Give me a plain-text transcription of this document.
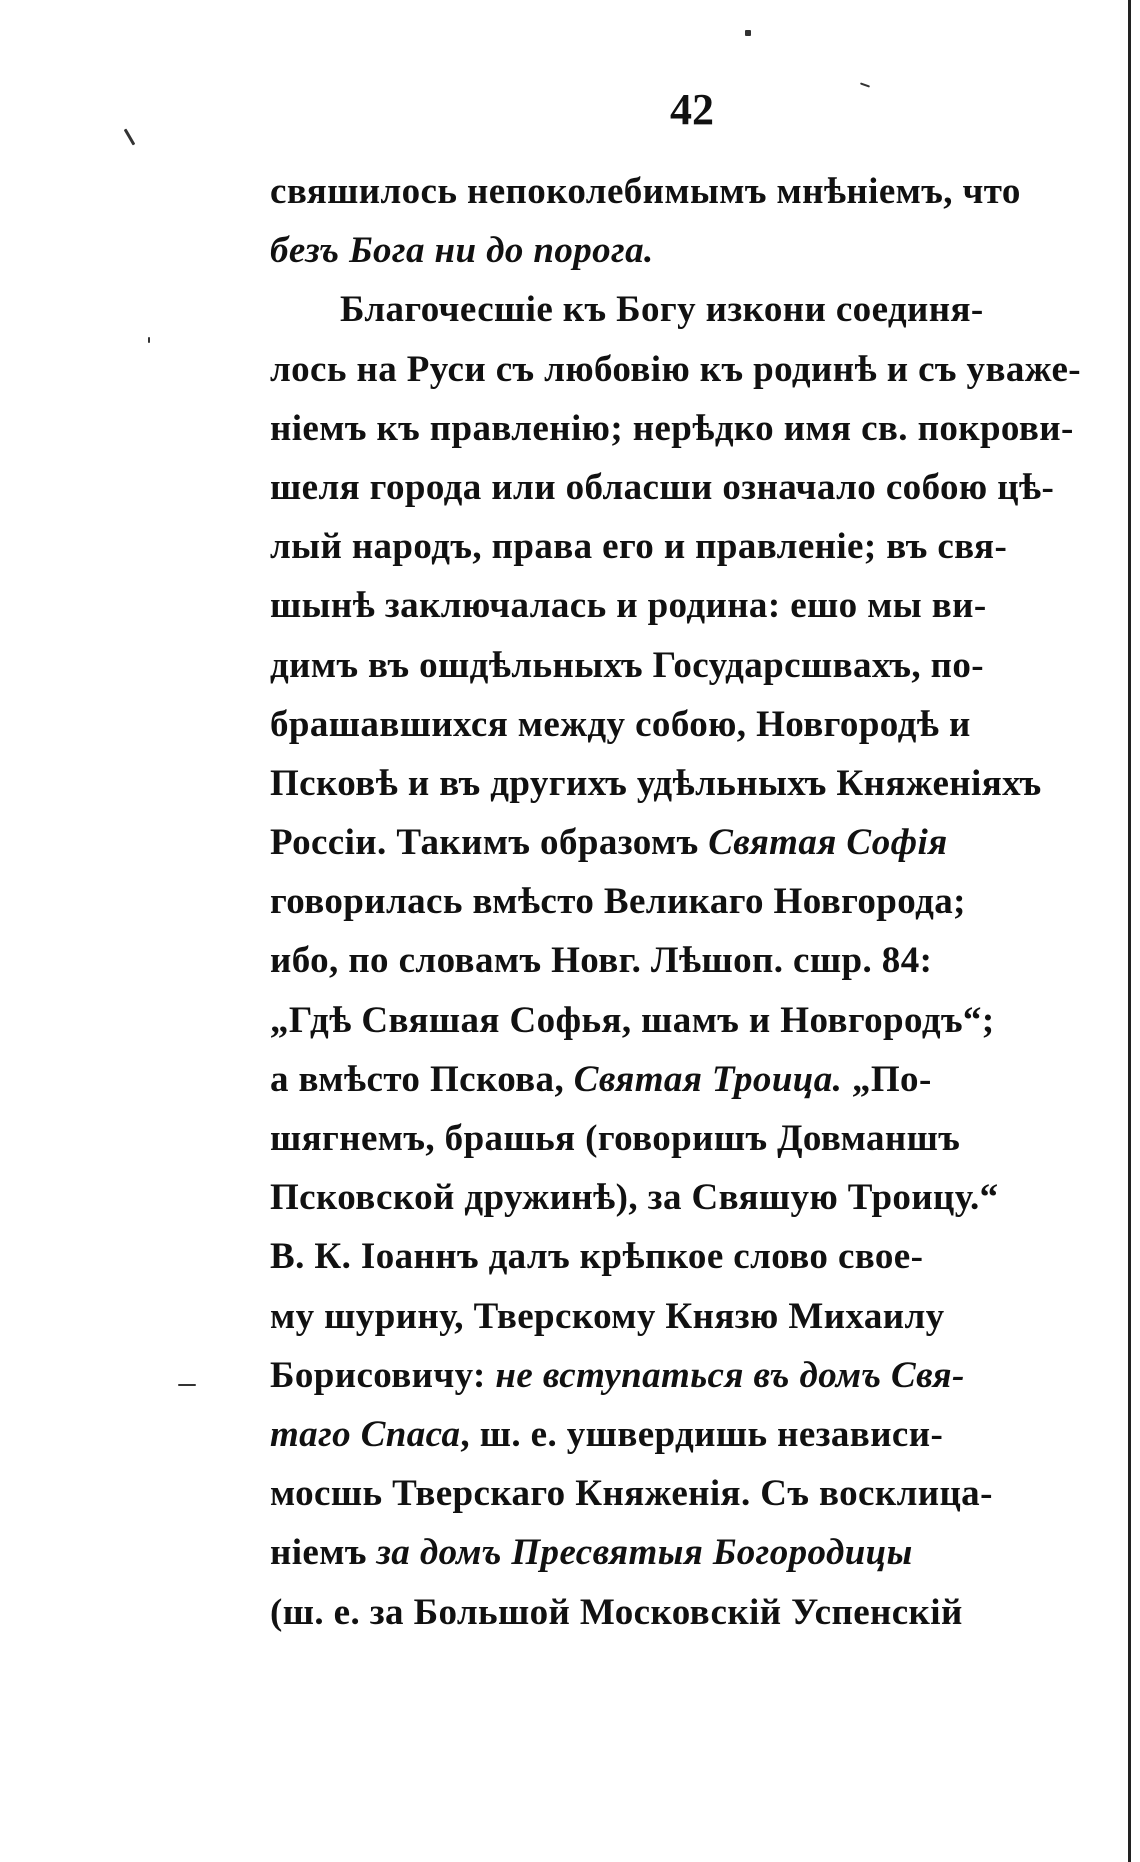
42
свяшилось непоколебимымъ мнѣніемъ, что
безъ Бога ни до порога.
Благочесшіе къ Богу изкони соединя-
лось на Руси съ любовію къ родинѣ и съ уваже-
ніемъ къ правленію; нерѣдко имя св. покрови-
шеля города или обласши означало собою цѣ-
лый народъ, права его и правленіе; въ свя-
шынѣ заключалась и родина: ешо мы ви-
димъ въ ошдѣльныхъ Государсшвахъ, по-
брашавшихся между собою, Новгородѣ и
Псковѣ и въ другихъ удѣльныхъ Княженіяхъ
Россіи. Такимъ образомъ Святая Софія
говорилась вмѣсто Великаго Новгорода;
ибо, по словамъ Новг. Лѣшоп. сшр. 84:
„Гдѣ Свяшая Софья, шамъ и Новгородъ“;
а вмѣсто Пскова, Святая Троица. „По-
шягнемъ, брашья (говоришъ Довманшъ
Псковской дружинѣ), за Свяшую Троицу.“
В. К. Іоаннъ далъ крѣпкое слово свое-
му шурину, Тверскому Князю Михаилу
Борисовичу: не вступаться въ домъ Свя-
таго Спаса, ш. е. ушвердишь независи-
мосшь Тверскаго Княженія. Съ восклица-
ніемъ за домъ Пресвятыя Богородицы
(ш. е. за Большой Московскій Успенскій
